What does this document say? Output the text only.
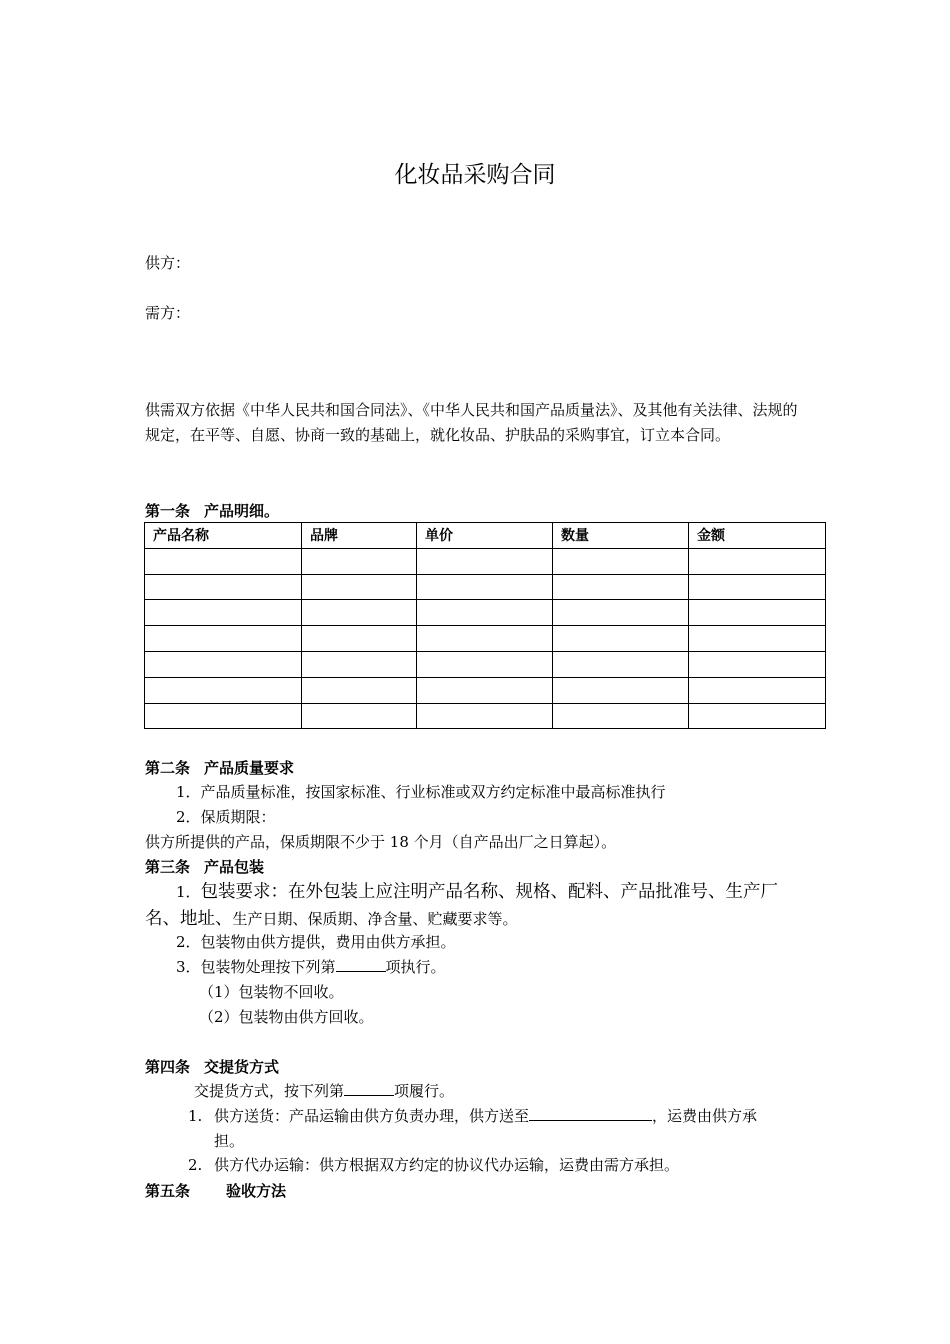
化妆品采购合同
供方：
需方：
供需双方依据《中华人民共和国合同法》、《中华人民共和国产品质量法》、及其他有关法律、法规的规定，在平等、自愿、协商一致的基础上，就化妆品、护肤品的采购事宜，订立本合同。
第一条 产品明细。
产品名称	品牌	单价	数量	金额

第二条 产品质量要求
1．产品质量标准，按国家标准、行业标准或双方约定标准中最高标准执行
2．保质期限：
供方所提供的产品，保质期限不少于 18 个月（自产品出厂之日算起）。
第三条 产品包装
1．包装要求：在外包装上应注明产品名称、规格、配料、产品批准号、生产厂名、地址、生产日期、保质期、净含量、贮藏要求等。
2．包装物由供方提供，费用由供方承担。
3．包装物处理按下列第	项执行。
（1）包装物不回收。
（2）包装物由供方回收。
第四条 交提货方式
交提货方式，按下列第	项履行。
1. 供方送货：产品运输由供方负责办理，供方送至	，运费由供方承
担。
2. 供方代办运输：供方根据双方约定的协议代办运输，运费由需方承担。
第五条 验收方法
